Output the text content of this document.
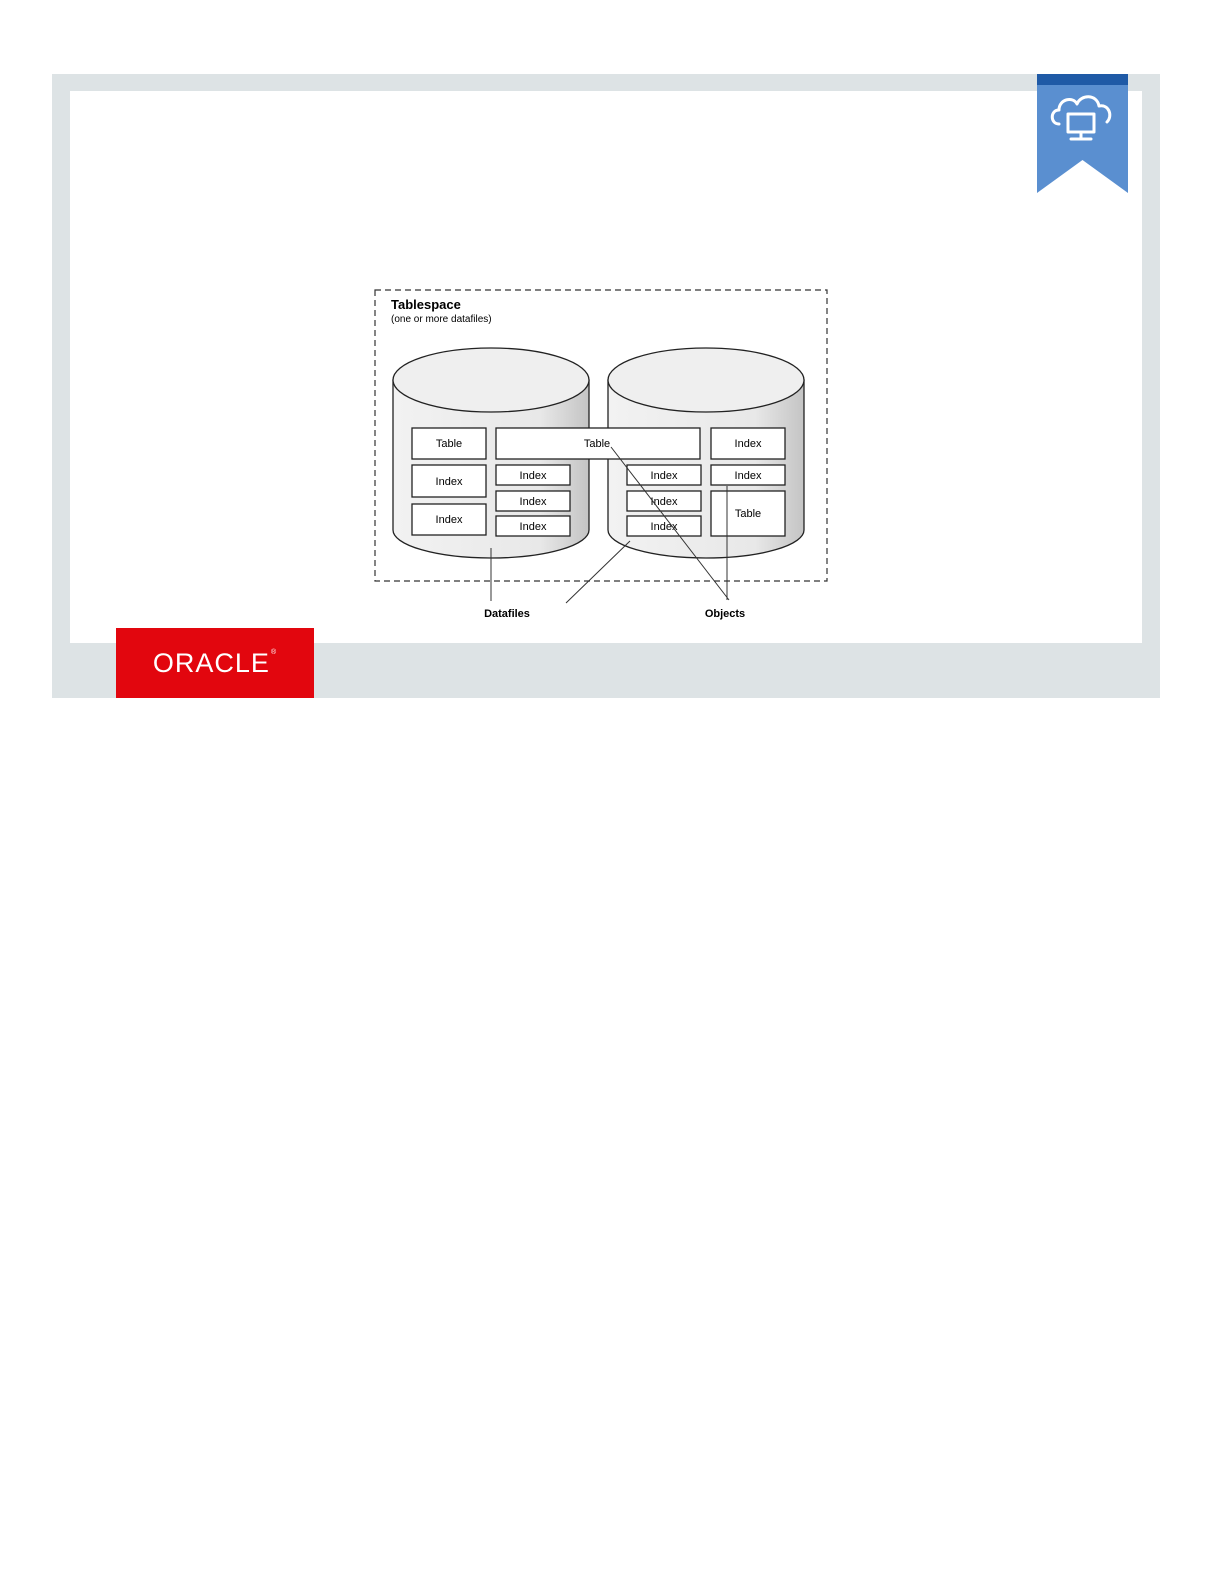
ORACLE®
Tablespace
(one or more datafiles)
Table
Index
Index
Index
Index
Index
Table
Index
Index
Index
Index
Index
Table
Datafiles	Objects
